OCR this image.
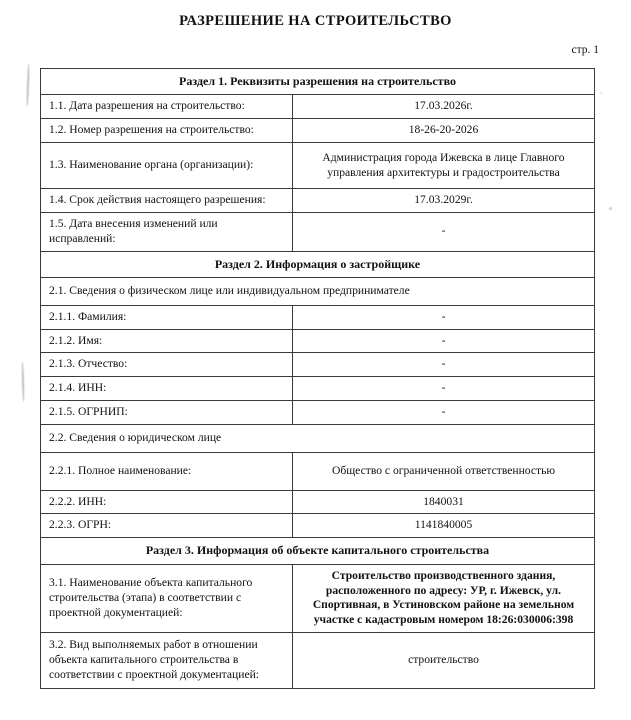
РАЗРЕШЕНИЕ НА СТРОИТЕЛЬСТВО
стр. 1
Раздел 1. Реквизиты разрешения на строительство	
1.1. Дата разрешения на строительство:	17.03.2026г.
1.2. Номер разрешения на строительство:	18-26-20-2026
1.3. Наименование органа (организации):	Администрация города Ижевска в лице Главного управления архитектуры и градостроительства
1.4. Срок действия настоящего разрешения:	17.03.2029г.
1.5. Дата внесения изменений или исправлений:	-
Раздел 2. Информация о застройщике	
2.1. Сведения о физическом лице или индивидуальном предпринимателе	
2.1.1. Фамилия:	-
2.1.2. Имя:	-
2.1.3. Отчество:	-
2.1.4. ИНН:	-
2.1.5. ОГРНИП:	-
2.2. Сведения о юридическом лице	
2.2.1. Полное наименование:	Общество с ограниченной ответственностью
2.2.2. ИНН:	1840031
2.2.3. ОГРН:	1141840005
Раздел 3. Информация об объекте капитального строительства	
3.1. Наименование объекта капитального строительства (этапа) в соответствии с проектной документацией:	Строительство производственного здания, расположенного по адресу: УР, г. Ижевск, ул. Спортивная, в Устиновском районе на земельном участке с кадастровым номером 18:26:030006:398
3.2. Вид выполняемых работ в отношении объекта капитального строительства в соответствии с проектной документацией:	строительство
